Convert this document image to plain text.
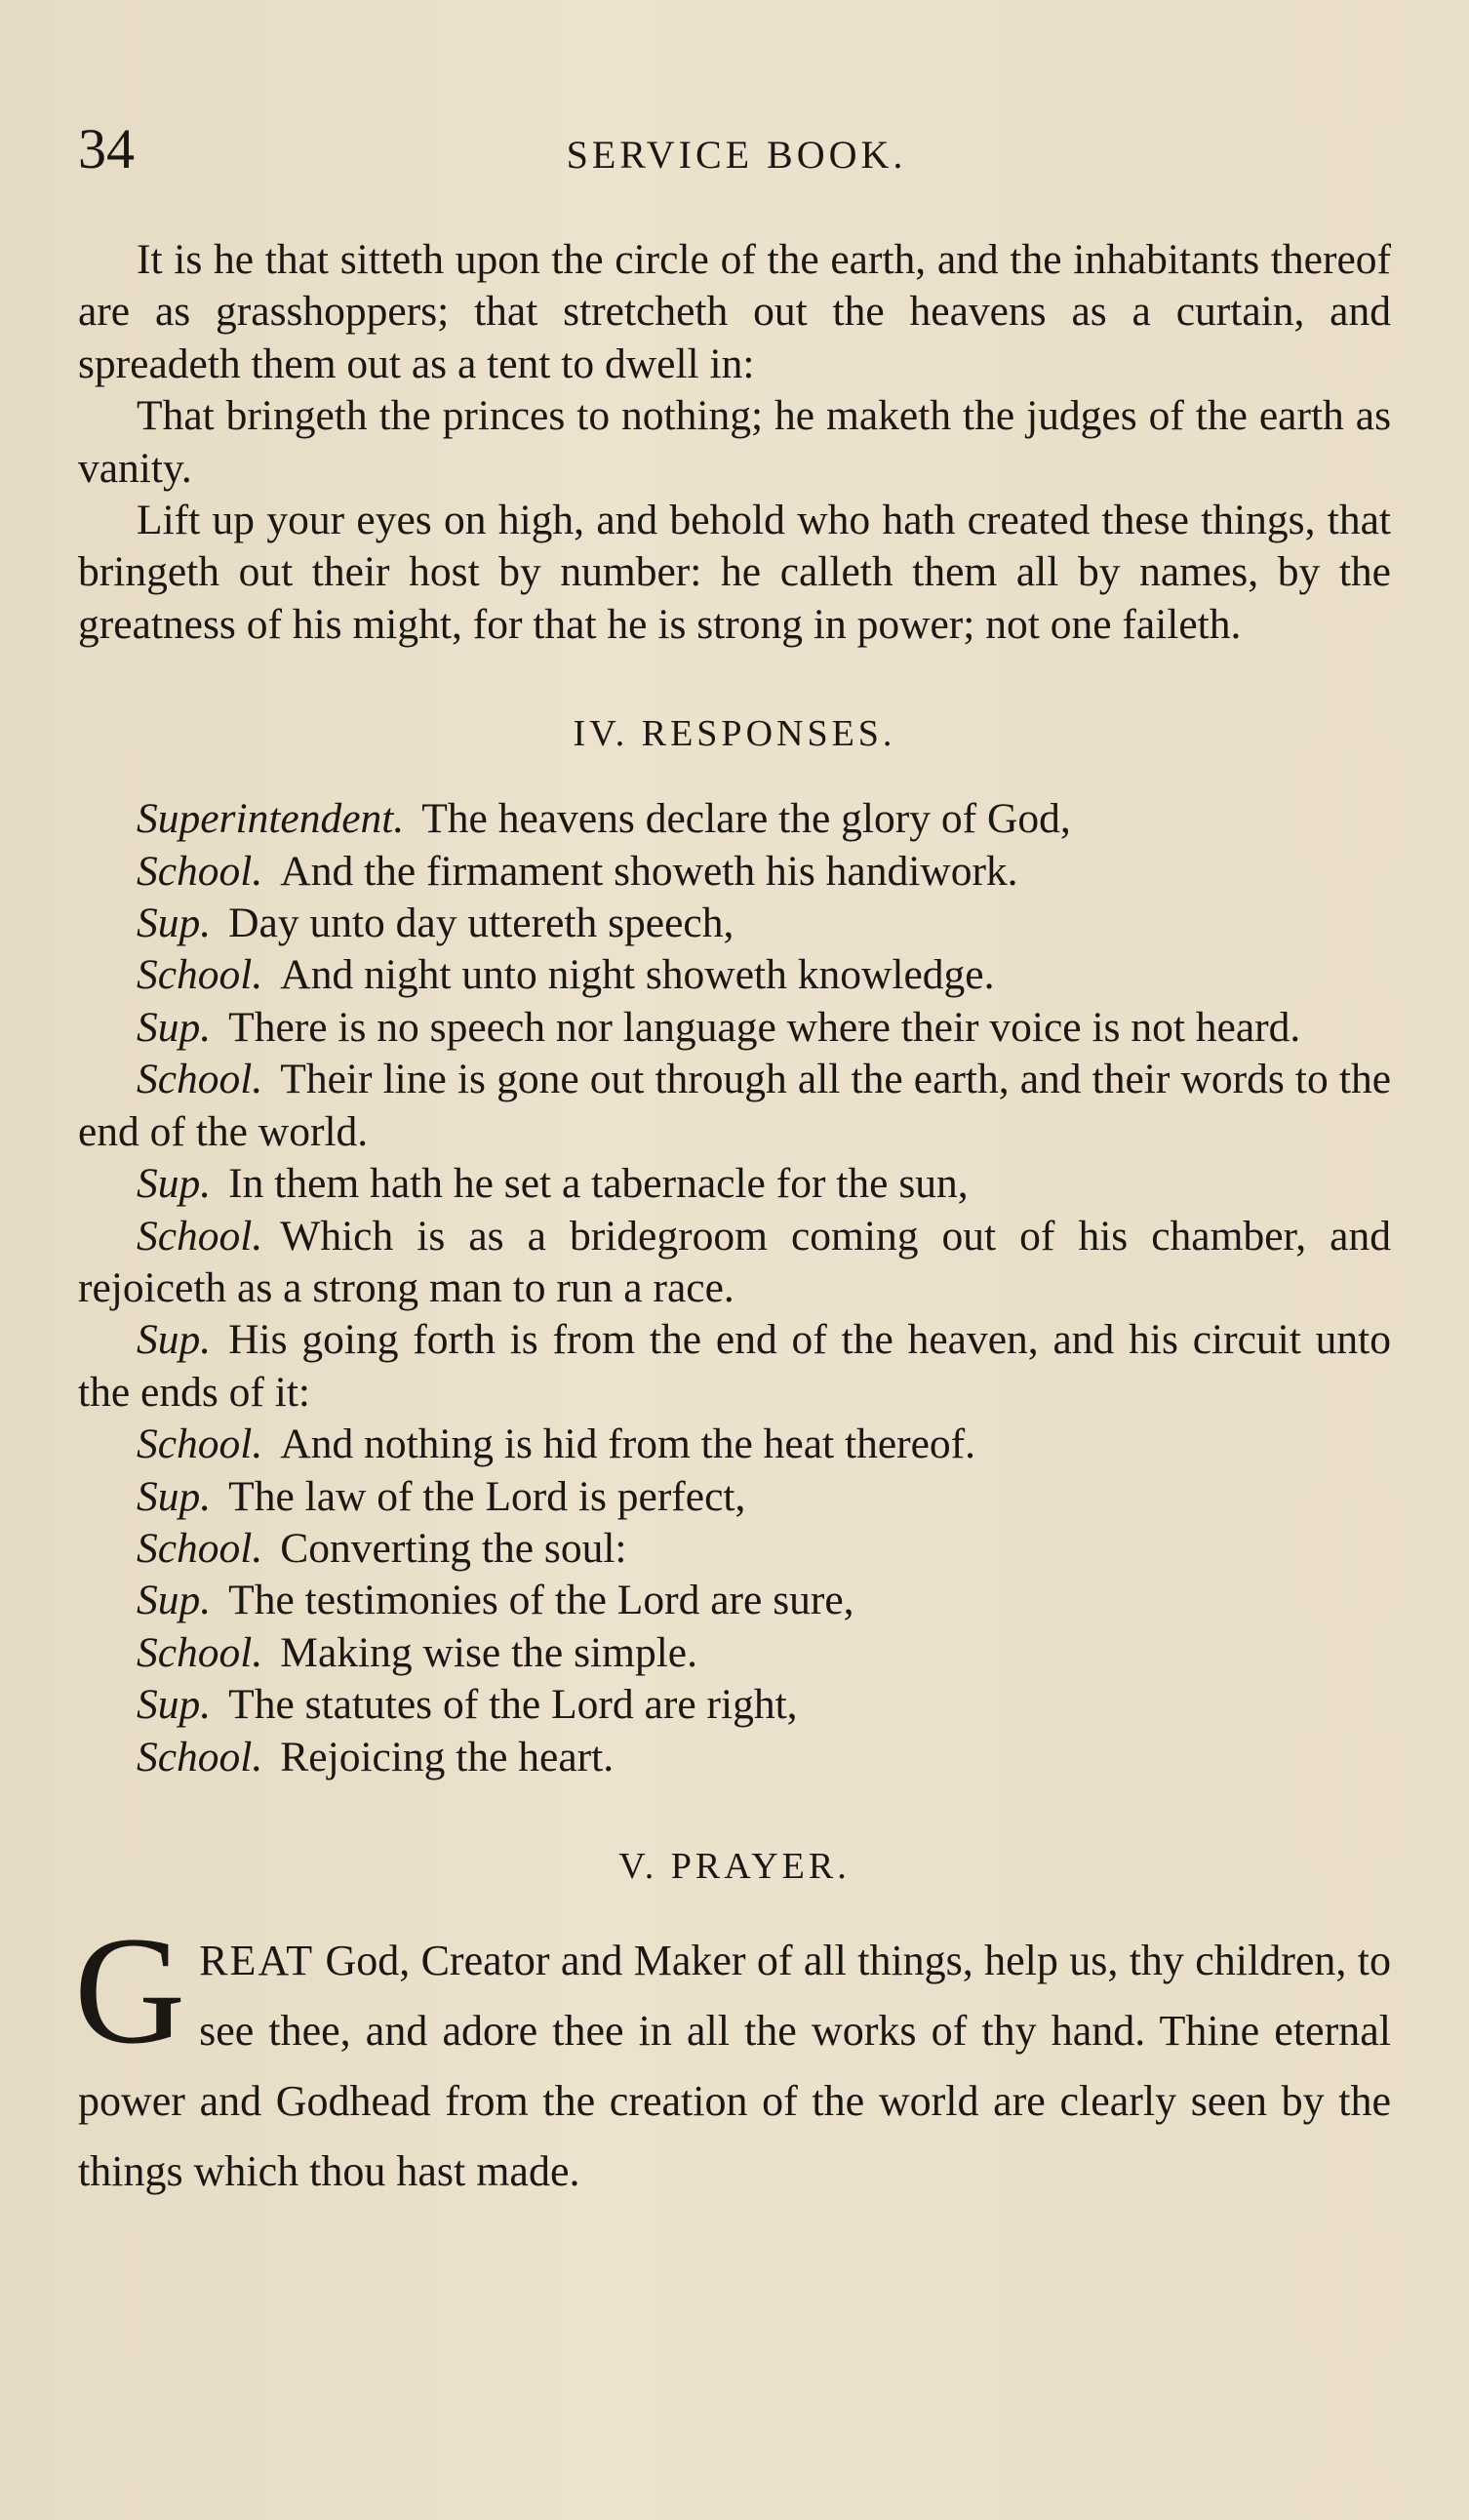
34	SERVICE BOOK.

It is he that sitteth upon the circle of the earth, and the inhabitants thereof are as grasshoppers; that stretcheth out the heavens as a curtain, and spreadeth them out as a tent to dwell in:

That bringeth the princes to nothing; he maketh the judges of the earth as vanity.

Lift up your eyes on high, and behold who hath created these things, that bringeth out their host by number: he calleth them all by names, by the greatness of his might, for that he is strong in power; not one faileth.

IV. RESPONSES.

Superintendent. The heavens declare the glory of God,

School. And the firmament showeth his handiwork.

Sup. Day unto day uttereth speech,

School. And night unto night showeth knowledge.

Sup. There is no speech nor language where their voice is not heard.

School. Their line is gone out through all the earth, and their words to the end of the world.

Sup. In them hath he set a tabernacle for the sun,

School. Which is as a bridegroom coming out of his chamber, and rejoiceth as a strong man to run a race.

Sup. His going forth is from the end of the heaven, and his circuit unto the ends of it:

School. And nothing is hid from the heat thereof.

Sup. The law of the Lord is perfect,

School. Converting the soul:

Sup. The testimonies of the Lord are sure,

School. Making wise the simple.

Sup. The statutes of the Lord are right,

School. Rejoicing the heart.

V. PRAYER.

GREAT God, Creator and Maker of all things, help us, thy children, to see thee, and adore thee in all the works of thy hand. Thine eternal power and Godhead from the creation of the world are clearly seen by the things which thou hast made.
